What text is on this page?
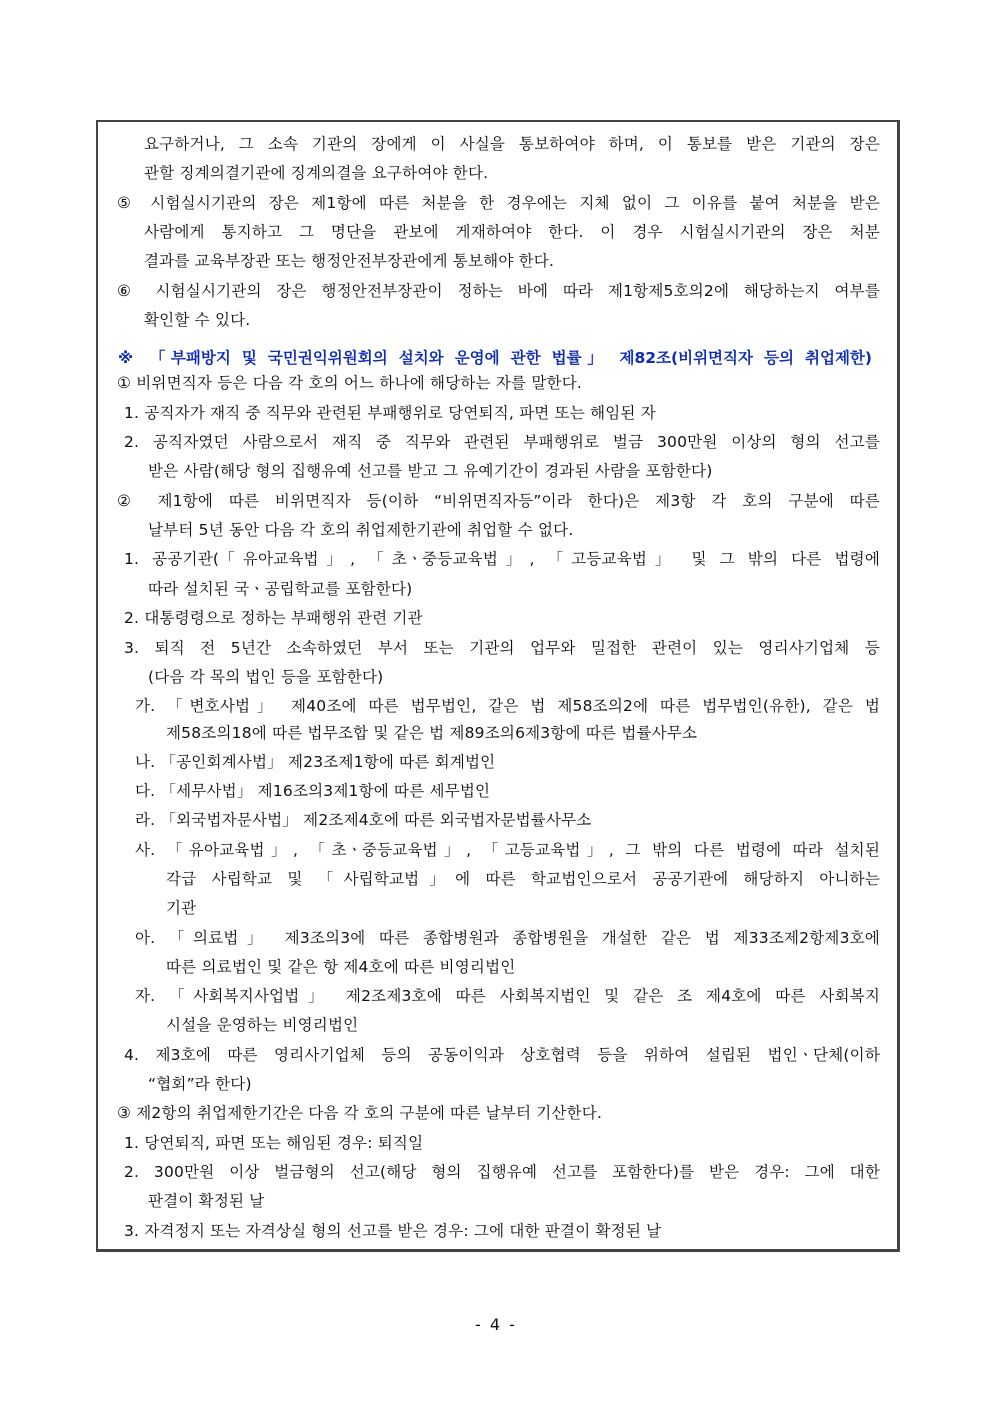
요구하거나, 그 소속 기관의 장에게 이 사실을 통보하여야 하며, 이 통보를 받은 기관의 장은
관할 징계의결기관에 징계의결을 요구하여야 한다.
⑤ 시험실시기관의 장은 제1항에 따른 처분을 한 경우에는 지체 없이 그 이유를 붙여 처분을 받은
사람에게 통지하고 그 명단을 관보에 게재하여야 한다. 이 경우 시험실시기관의 장은 처분
결과를 교육부장관 또는 행정안전부장관에게 통보해야 한다.
⑥ 시험실시기관의 장은 행정안전부장관이 정하는 바에 따라 제1항제5호의2에 해당하는지 여부를
확인할 수 있다.
※ 「부패방지 및 국민권익위원회의 설치와 운영에 관한 법률」 제82조(비위면직자 등의 취업제한)
① 비위면직자 등은 다음 각 호의 어느 하나에 해당하는 자를 말한다.
1. 공직자가 재직 중 직무와 관련된 부패행위로 당연퇴직, 파면 또는 해임된 자
2. 공직자였던 사람으로서 재직 중 직무와 관련된 부패행위로 벌금 300만원 이상의 형의 선고를
받은 사람(해당 형의 집행유예 선고를 받고 그 유예기간이 경과된 사람을 포함한다)
② 제1항에 따른 비위면직자 등(이하 “비위면직자등”이라 한다)은 제3항 각 호의 구분에 따른
날부터 5년 동안 다음 각 호의 취업제한기관에 취업할 수 없다.
1. 공공기관(「유아교육법」, 「초ㆍ중등교육법」, 「고등교육법」 및 그 밖의 다른 법령에
따라 설치된 국ㆍ공립학교를 포함한다)
2. 대통령령으로 정하는 부패행위 관련 기관
3. 퇴직 전 5년간 소속하였던 부서 또는 기관의 업무와 밀접한 관련이 있는 영리사기업체 등
(다음 각 목의 법인 등을 포함한다)
가. 「변호사법」 제40조에 따른 법무법인, 같은 법 제58조의2에 따른 법무법인(유한), 같은 법
제58조의18에 따른 법무조합 및 같은 법 제89조의6제3항에 따른 법률사무소
나. 「공인회계사법」 제23조제1항에 따른 회계법인
다. 「세무사법」 제16조의3제1항에 따른 세무법인
라. 「외국법자문사법」 제2조제4호에 따른 외국법자문법률사무소
사. 「유아교육법」, 「초ㆍ중등교육법」, 「고등교육법」, 그 밖의 다른 법령에 따라 설치된
각급 사립학교 및 「사립학교법」에 따른 학교법인으로서 공공기관에 해당하지 아니하는
기관
아. 「의료법」 제3조의3에 따른 종합병원과 종합병원을 개설한 같은 법 제33조제2항제3호에
따른 의료법인 및 같은 항 제4호에 따른 비영리법인
자. 「사회복지사업법」 제2조제3호에 따른 사회복지법인 및 같은 조 제4호에 따른 사회복지
시설을 운영하는 비영리법인
4. 제3호에 따른 영리사기업체 등의 공동이익과 상호협력 등을 위하여 설립된 법인ㆍ단체(이하
“협회”라 한다)
③ 제2항의 취업제한기간은 다음 각 호의 구분에 따른 날부터 기산한다.
1. 당연퇴직, 파면 또는 해임된 경우: 퇴직일
2. 300만원 이상 벌금형의 선고(해당 형의 집행유예 선고를 포함한다)를 받은 경우: 그에 대한
판결이 확정된 날
3. 자격정지 또는 자격상실 형의 선고를 받은 경우: 그에 대한 판결이 확정된 날
- 4 -
